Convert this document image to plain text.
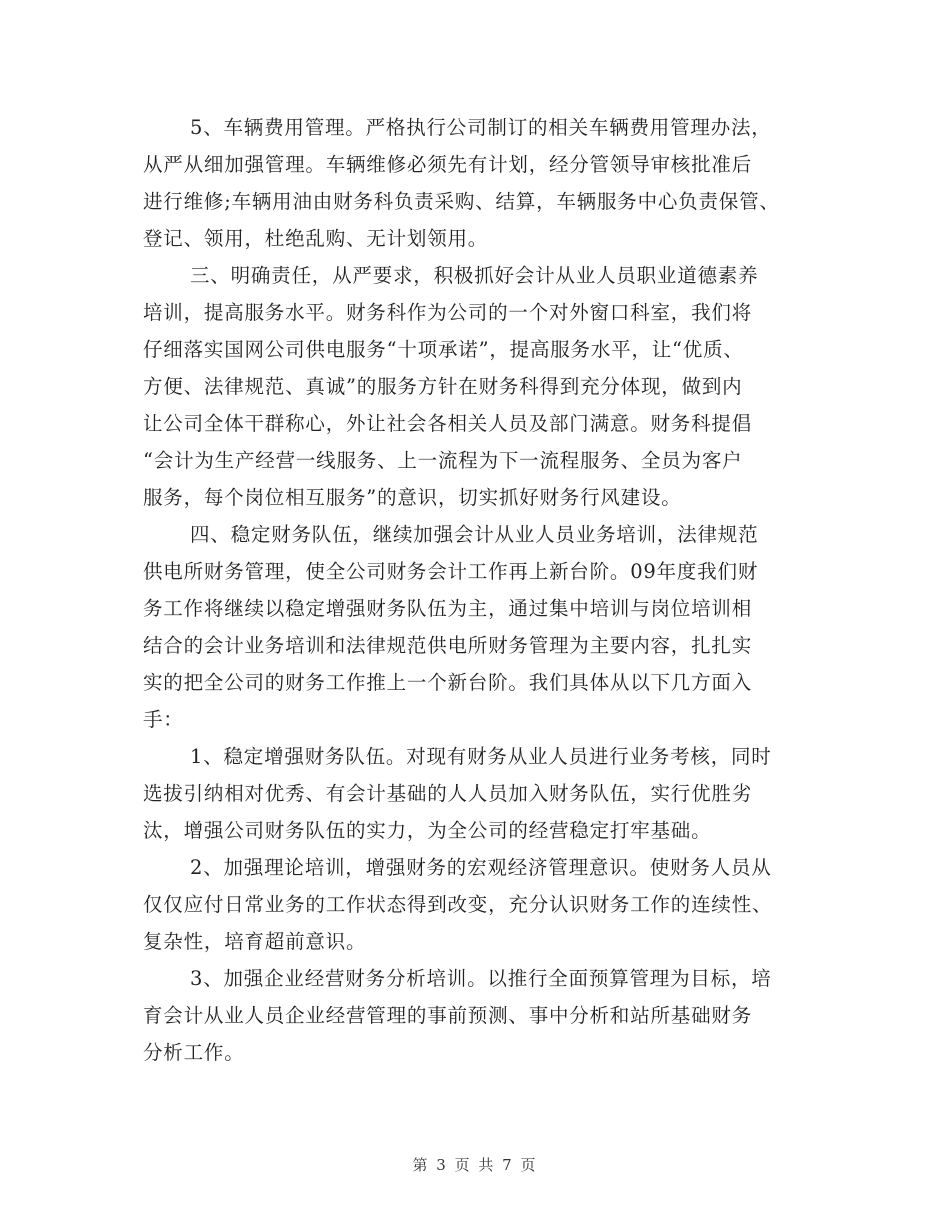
5、车辆费用管理。严格执行公司制订的相关车辆费用管理办法，
从严从细加强管理。车辆维修必须先有计划，经分管领导审核批准后
进行维修;车辆用油由财务科负责采购、结算，车辆服务中心负责保管、
登记、领用，杜绝乱购、无计划领用。
三、明确责任，从严要求，积极抓好会计从业人员职业道德素养
培训，提高服务水平。财务科作为公司的一个对外窗口科室，我们将
仔细落实国网公司供电服务“十项承诺”，提高服务水平，让“优质、
方便、法律规范、真诚”的服务方针在财务科得到充分体现，做到内
让公司全体干群称心，外让社会各相关人员及部门满意。财务科提倡
“会计为生产经营一线服务、上一流程为下一流程服务、全员为客户
服务，每个岗位相互服务”的意识，切实抓好财务行风建设。
四、稳定财务队伍，继续加强会计从业人员业务培训，法律规范
供电所财务管理，使全公司财务会计工作再上新台阶。09年度我们财
务工作将继续以稳定增强财务队伍为主，通过集中培训与岗位培训相
结合的会计业务培训和法律规范供电所财务管理为主要内容，扎扎实
实的把全公司的财务工作推上一个新台阶。我们具体从以下几方面入
手：
1、稳定增强财务队伍。对现有财务从业人员进行业务考核，同时
选拔引纳相对优秀、有会计基础的人人员加入财务队伍，实行优胜劣
汰，增强公司财务队伍的实力，为全公司的经营稳定打牢基础。
2、加强理论培训，增强财务的宏观经济管理意识。使财务人员从
仅仅应付日常业务的工作状态得到改变，充分认识财务工作的连续性、
复杂性，培育超前意识。
3、加强企业经营财务分析培训。以推行全面预算管理为目标，培
育会计从业人员企业经营管理的事前预测、事中分析和站所基础财务
分析工作。
第 3 页 共 7 页
